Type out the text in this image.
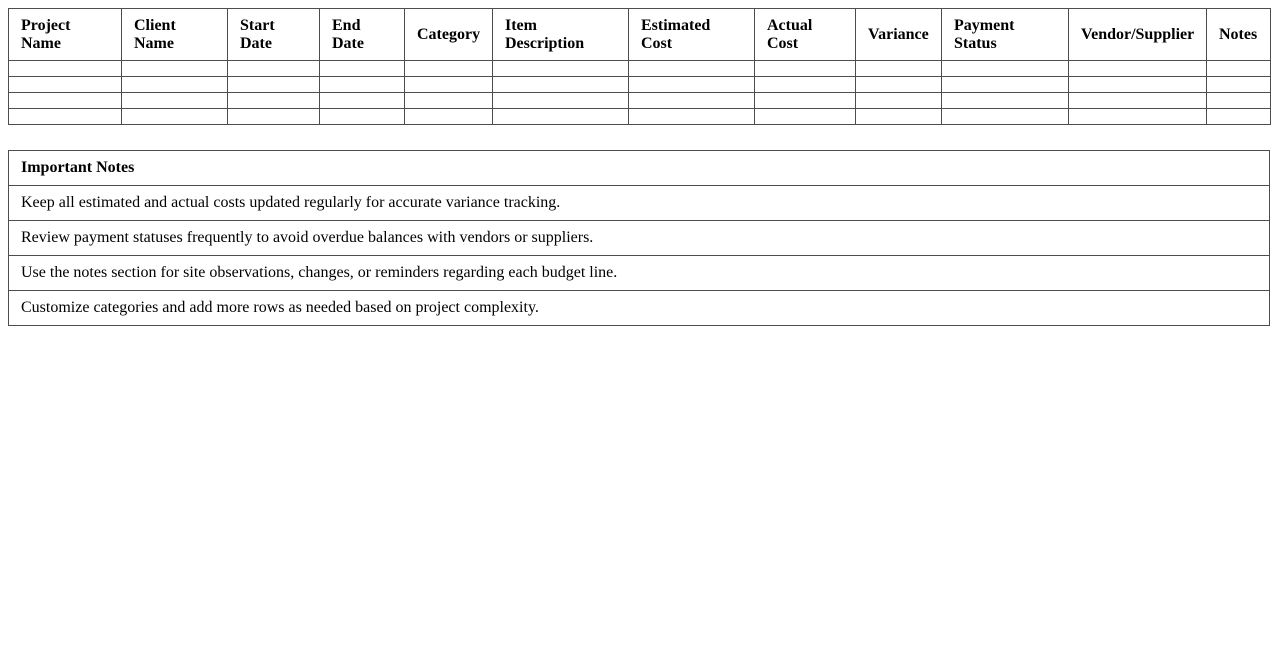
Project Name	Client Name	Start Date	End Date	Category	Item Description	Estimated Cost	Actual Cost	Variance	Payment Status	Vendor/Supplier	Notes

Important Notes
Keep all estimated and actual costs updated regularly for accurate variance tracking.
Review payment statuses frequently to avoid overdue balances with vendors or suppliers.
Use the notes section for site observations, changes, or reminders regarding each budget line.
Customize categories and add more rows as needed based on project complexity.
